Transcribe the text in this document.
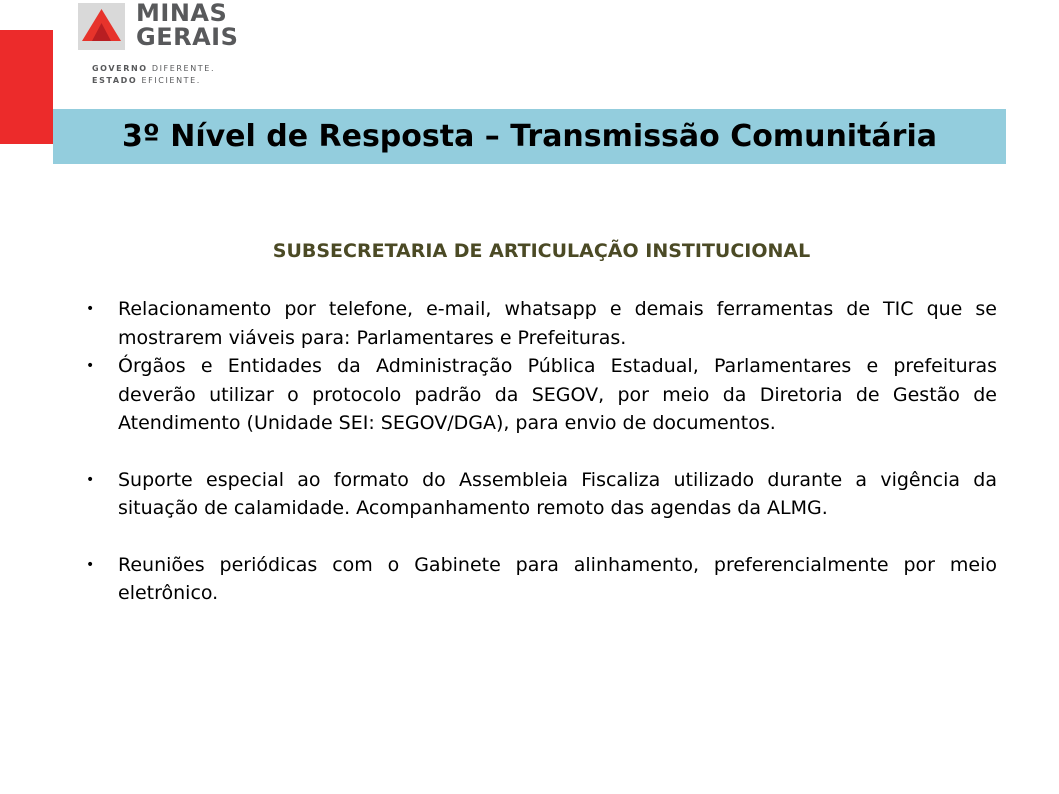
MINAS
GERAIS
GOVERNO DIFERENTE.
ESTADO EFICIENTE.
3º Nível de Resposta – Transmissão Comunitária
SUBSECRETARIA DE ARTICULAÇÃO INSTITUCIONAL
• Relacionamento por telefone, e-mail, whatsapp e demais ferramentas de TIC que se mostrarem viáveis para: Parlamentares e Prefeituras.
• Órgãos e Entidades da Administração Pública Estadual, Parlamentares e prefeituras deverão utilizar o protocolo padrão da SEGOV, por meio da Diretoria de Gestão de Atendimento (Unidade SEI: SEGOV/DGA), para envio de documentos.
• Suporte especial ao formato do Assembleia Fiscaliza utilizado durante a vigência da situação de calamidade. Acompanhamento remoto das agendas da ALMG.
• Reuniões periódicas com o Gabinete para alinhamento, preferencialmente por meio eletrônico.
